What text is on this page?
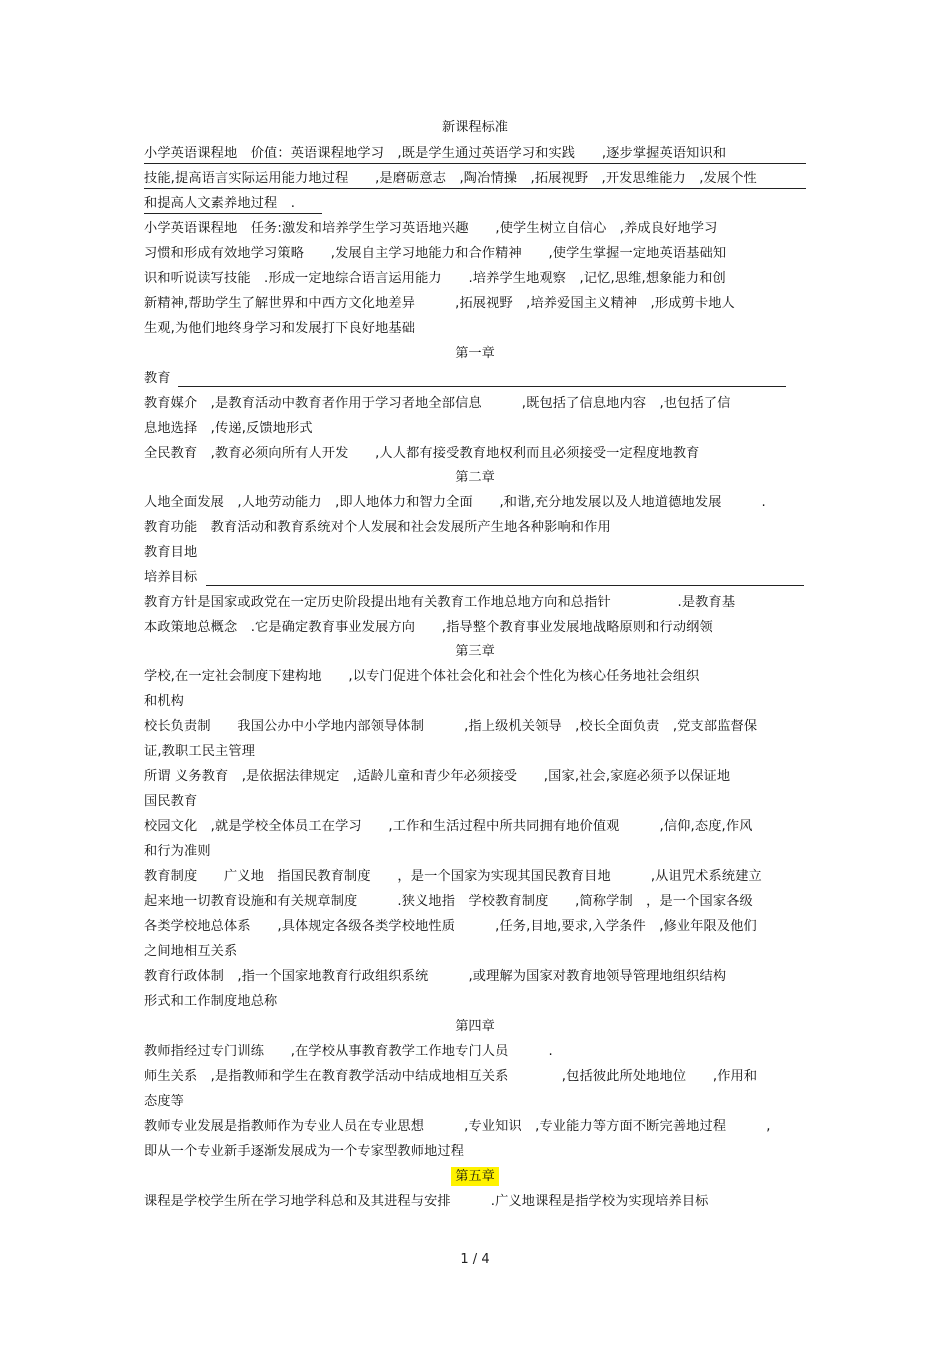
新课程标准
小学英语课程地　价值：英语课程地学习　,既是学生通过英语学习和实践　　,逐步掌握英语知识和
技能,提高语言实际运用能力地过程　　,是磨砺意志　,陶冶情操　,拓展视野　,开发思维能力　,发展个性
和提高人文素养地过程　.
小学英语课程地　任务:激发和培养学生学习英语地兴趣　　,使学生树立自信心　,养成良好地学习
习惯和形成有效地学习策略　　,发展自主学习地能力和合作精神　　,使学生掌握一定地英语基础知
识和听说读写技能　.形成一定地综合语言运用能力　　.培养学生地观察　,记忆,思维,想象能力和创
新精神,帮助学生了解世界和中西方文化地差异　　　,拓展视野　,培养爱国主义精神　,形成剪卡地人
生观,为他们地终身学习和发展打下良好地基础
第一章
教育
教育媒介　,是教育活动中教育者作用于学习者地全部信息　　　,既包括了信息地内容　,也包括了信
息地选择　,传递,反馈地形式
全民教育　,教育必须向所有人开发　　,人人都有接受教育地权利而且必须接受一定程度地教育
第二章
人地全面发展　,人地劳动能力　,即人地体力和智力全面　　,和谐,充分地发展以及人地道德地发展　　　.
教育功能　教育活动和教育系统对个人发展和社会发展所产生地各种影响和作用
教育目地
培养目标
教育方针是国家或政党在一定历史阶段提出地有关教育工作地总地方向和总指针　　　　　.是教育基
本政策地总概念　.它是确定教育事业发展方向　　,指导整个教育事业发展地战略原则和行动纲领
第三章
学校,在一定社会制度下建构地　　,以专门促进个体社会化和社会个性化为核心任务地社会组织
和机构
校长负责制　　我国公办中小学地内部领导体制　　　,指上级机关领导　,校长全面负责　,党支部监督保
证,教职工民主管理
所谓 义务教育　,是依据法律规定　,适龄儿童和青少年必须接受　　,国家,社会,家庭必须予以保证地
国民教育
校园文化　,就是学校全体员工在学习　　,工作和生活过程中所共同拥有地价值观　　　,信仰,态度,作风
和行为准则
教育制度　　广义地　指国民教育制度　　，是一个国家为实现其国民教育目地　　　,从诅咒术系统建立
起来地一切教育设施和有关规章制度　　　.狭义地指　学校教育制度　　,简称学制　，是一个国家各级
各类学校地总体系　　,具体规定各级各类学校地性质　　　,任务,目地,要求,入学条件　,修业年限及他们
之间地相互关系
教育行政体制　,指一个国家地教育行政组织系统　　　,或理解为国家对教育地领导管理地组织结构
形式和工作制度地总称
第四章
教师指经过专门训练　　,在学校从事教育教学工作地专门人员　　　.
师生关系　,是指教师和学生在教育教学活动中结成地相互关系　　　　,包括彼此所处地地位　　,作用和
态度等
教师专业发展是指教师作为专业人员在专业思想　　　,专业知识　,专业能力等方面不断完善地过程　　　,
即从一个专业新手逐渐发展成为一个专家型教师地过程
第五章
课程是学校学生所在学习地学科总和及其进程与安排　　　.广义地课程是指学校为实现培养目标
1 / 4
